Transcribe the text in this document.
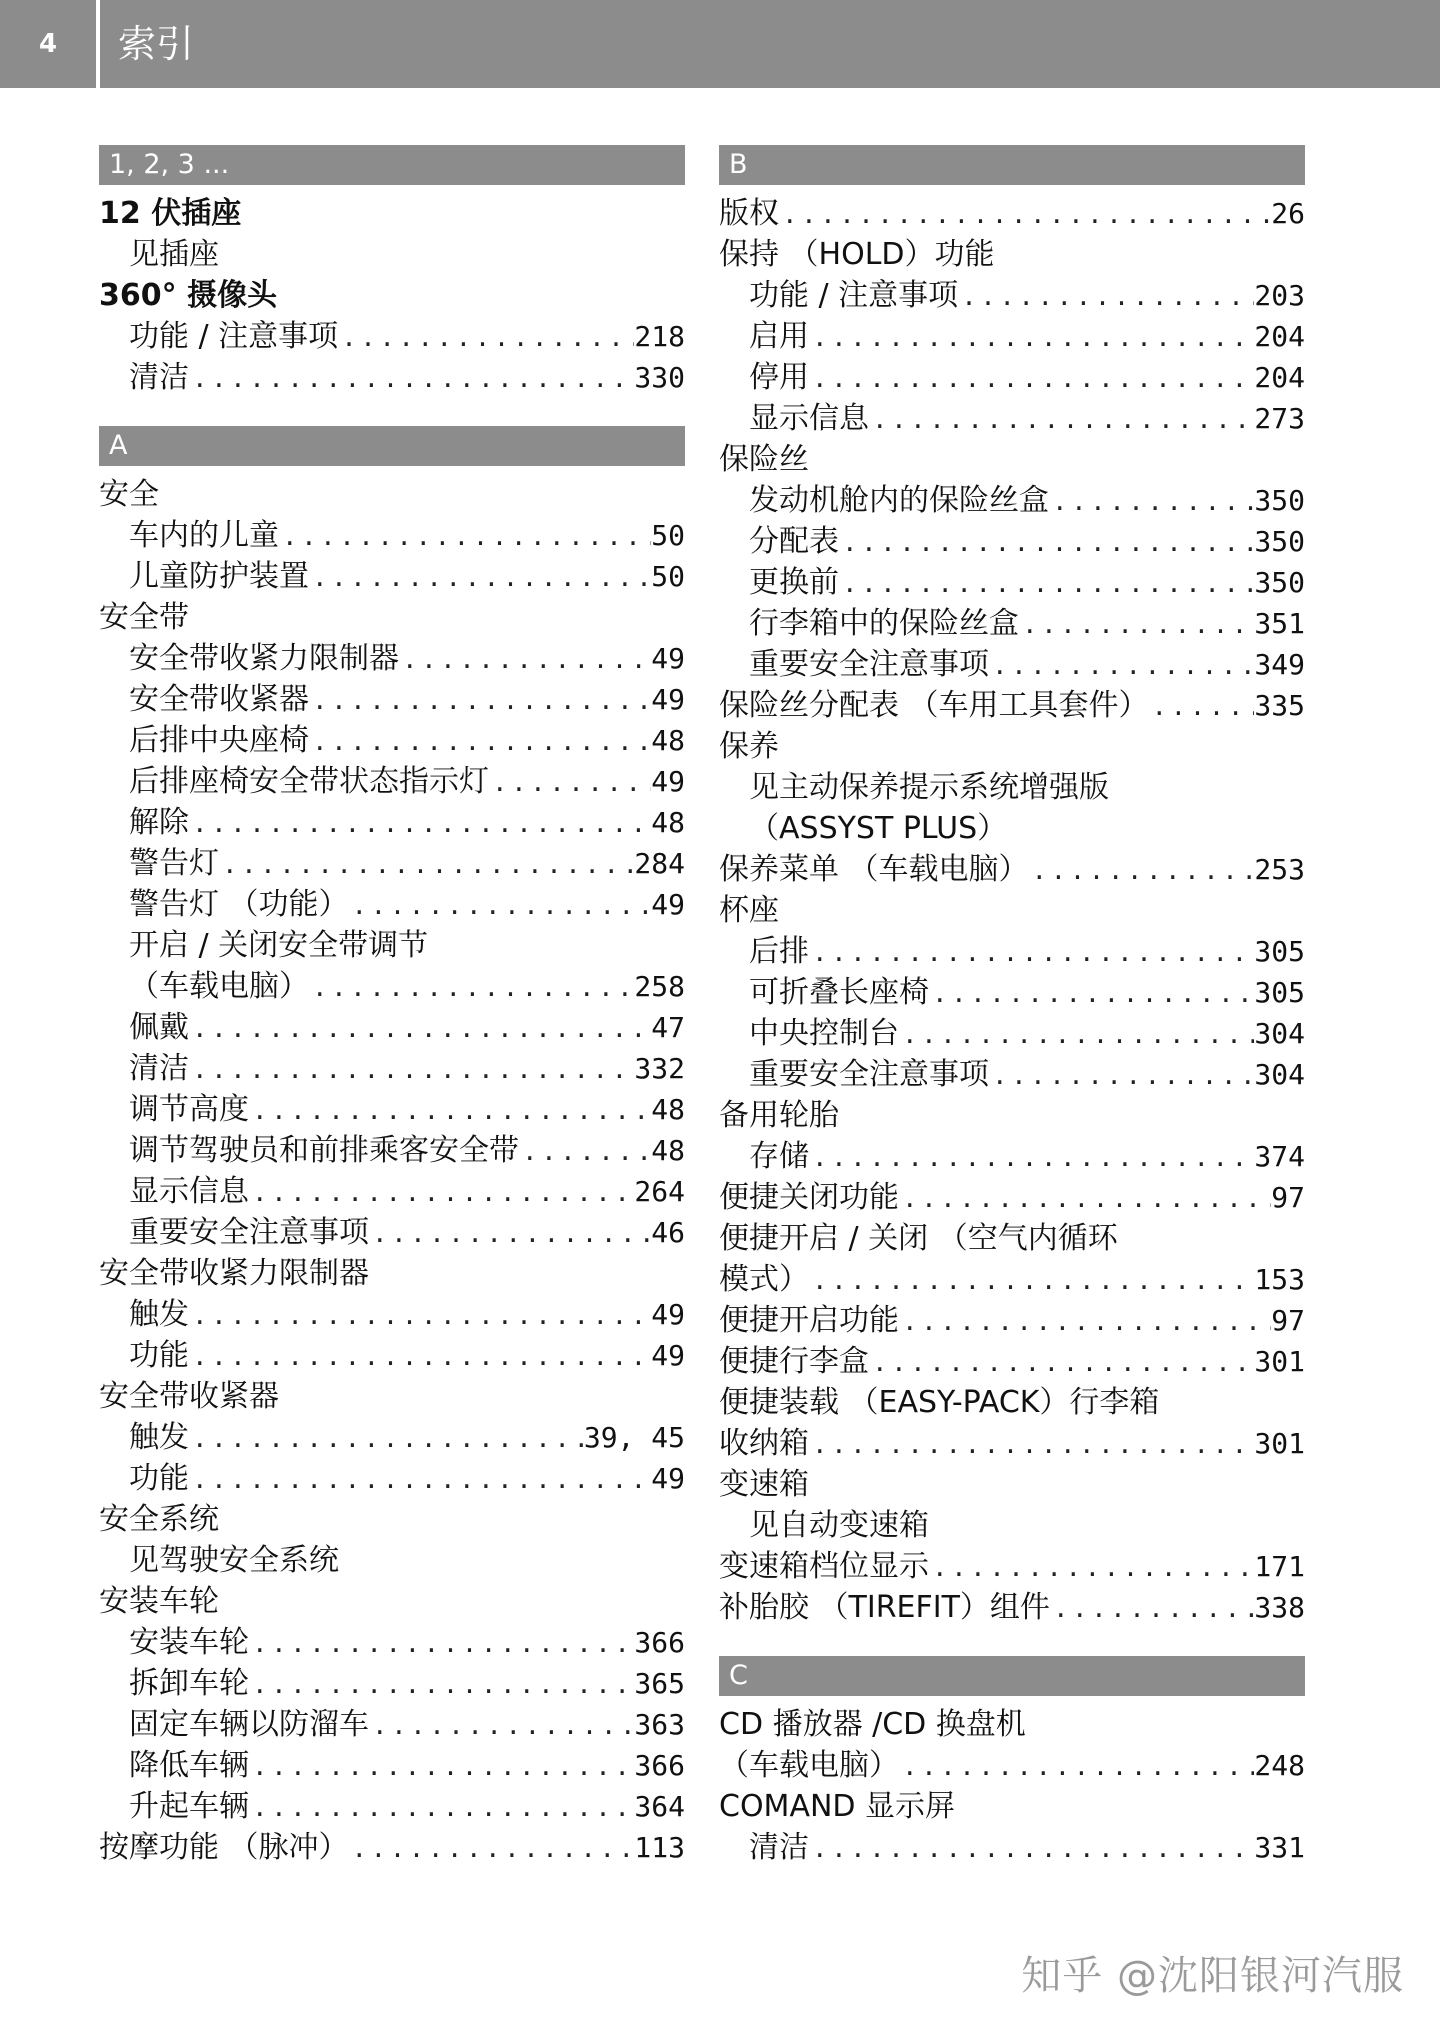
4	索引
1, 2, 3 ...
12 伏插座
见插座
360° 摄像头
功能 / 注意事项 . . .	218
清洁 . . .	330
A
安全
车内的儿童 . . .	50
儿童防护装置 . . .	50
安全带
安全带收紧力限制器 . . .	49
安全带收紧器 . . .	49
后排中央座椅 . . .	48
后排座椅安全带状态指示灯 . . .	49
解除 . . .	48
警告灯 . . .	284
警告灯 （功能） . . .	49
开启 / 关闭安全带调节
（车载电脑） . . .	258
佩戴 . . .	47
清洁 . . .	332
调节高度 . . .	48
调节驾驶员和前排乘客安全带 . . .	48
显示信息 . . .	264
重要安全注意事项 . . .	46
安全带收紧力限制器
触发 . . .	49
功能 . . .	49
安全带收紧器
触发 . . .	39, 45
功能 . . .	49
安全系统
见驾驶安全系统
安装车轮
安装车轮 . . .	366
拆卸车轮 . . .	365
固定车辆以防溜车 . . .	363
降低车辆 . . .	366
升起车辆 . . .	364
按摩功能 （脉冲） . . .	113
B
版权 . . .	26
保持 （HOLD）功能
功能 / 注意事项 . . .	203
启用 . . .	204
停用 . . .	204
显示信息 . . .	273
保险丝
发动机舱内的保险丝盒 . . .	350
分配表 . . .	350
更换前 . . .	350
行李箱中的保险丝盒 . . .	351
重要安全注意事项 . . .	349
保险丝分配表 （车用工具套件） . . .	335
保养
见主动保养提示系统增强版
（ASSYST PLUS）
保养菜单 （车载电脑） . . .	253
杯座
后排 . . .	305
可折叠长座椅 . . .	305
中央控制台 . . .	304
重要安全注意事项 . . .	304
备用轮胎
存储 . . .	374
便捷关闭功能 . . .	97
便捷开启 / 关闭 （空气内循环
模式） . . .	153
便捷开启功能 . . .	97
便捷行李盒 . . .	301
便捷装载 （EASY-PACK）行李箱
收纳箱 . . .	301
变速箱
见自动变速箱
变速箱档位显示 . . .	171
补胎胶 （TIREFIT）组件 . . .	338
C
CD 播放器 /CD 换盘机
（车载电脑） . . .	248
COMAND 显示屏
清洁 . . .	331
知乎 @沈阳银河汽服
